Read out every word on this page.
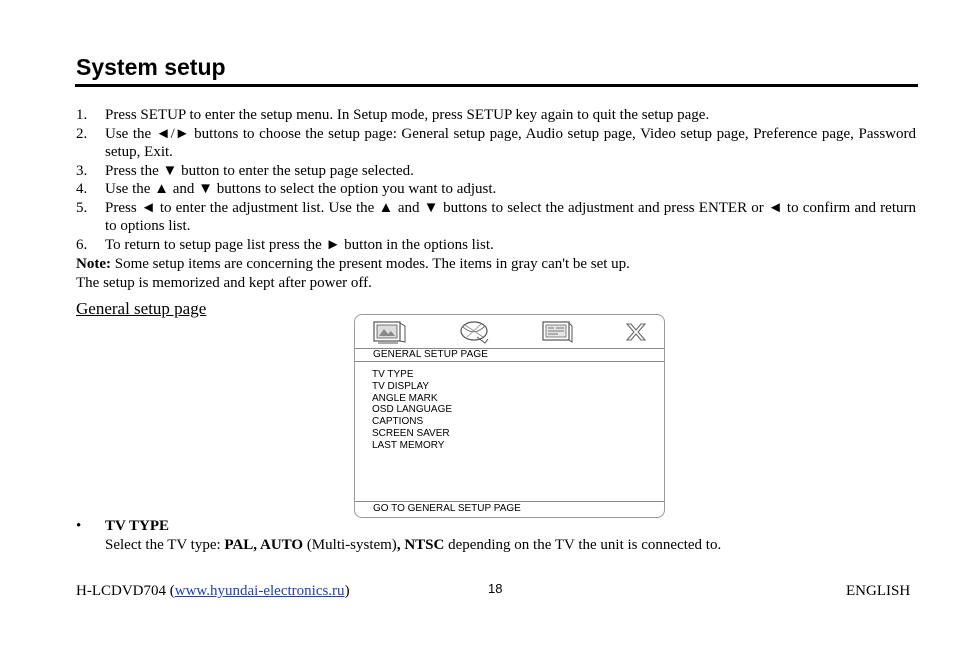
System setup
1. Press SETUP to enter the setup menu. In Setup mode, press SETUP key again to quit the setup page.
2. Use the ◄/► buttons to choose the setup page: General setup page, Audio setup page, Video setup page, Preference page, Password setup, Exit.
3. Press the ▼ button to enter the setup page selected.
4. Use the ▲ and ▼ buttons to select the option you want to adjust.
5. Press ◄ to enter the adjustment list. Use the ▲ and ▼ buttons to select the adjustment and press ENTER or ◄ to confirm and return to options list.
6. To return to setup page list press the ► button in the options list.
Note: Some setup items are concerning the present modes. The items in gray can't be set up.
The setup is memorized and kept after power off.
General setup page
GENERAL SETUP PAGE
TV TYPE
TV DISPLAY
ANGLE MARK
OSD LANGUAGE
CAPTIONS
SCREEN SAVER
LAST MEMORY
GO TO GENERAL SETUP PAGE
• TV TYPE
Select the TV type: PAL, AUTO (Multi-system), NTSC depending on the TV the unit is connected to.
H-LCDVD704 (www.hyundai-electronics.ru)	18	ENGLISH
